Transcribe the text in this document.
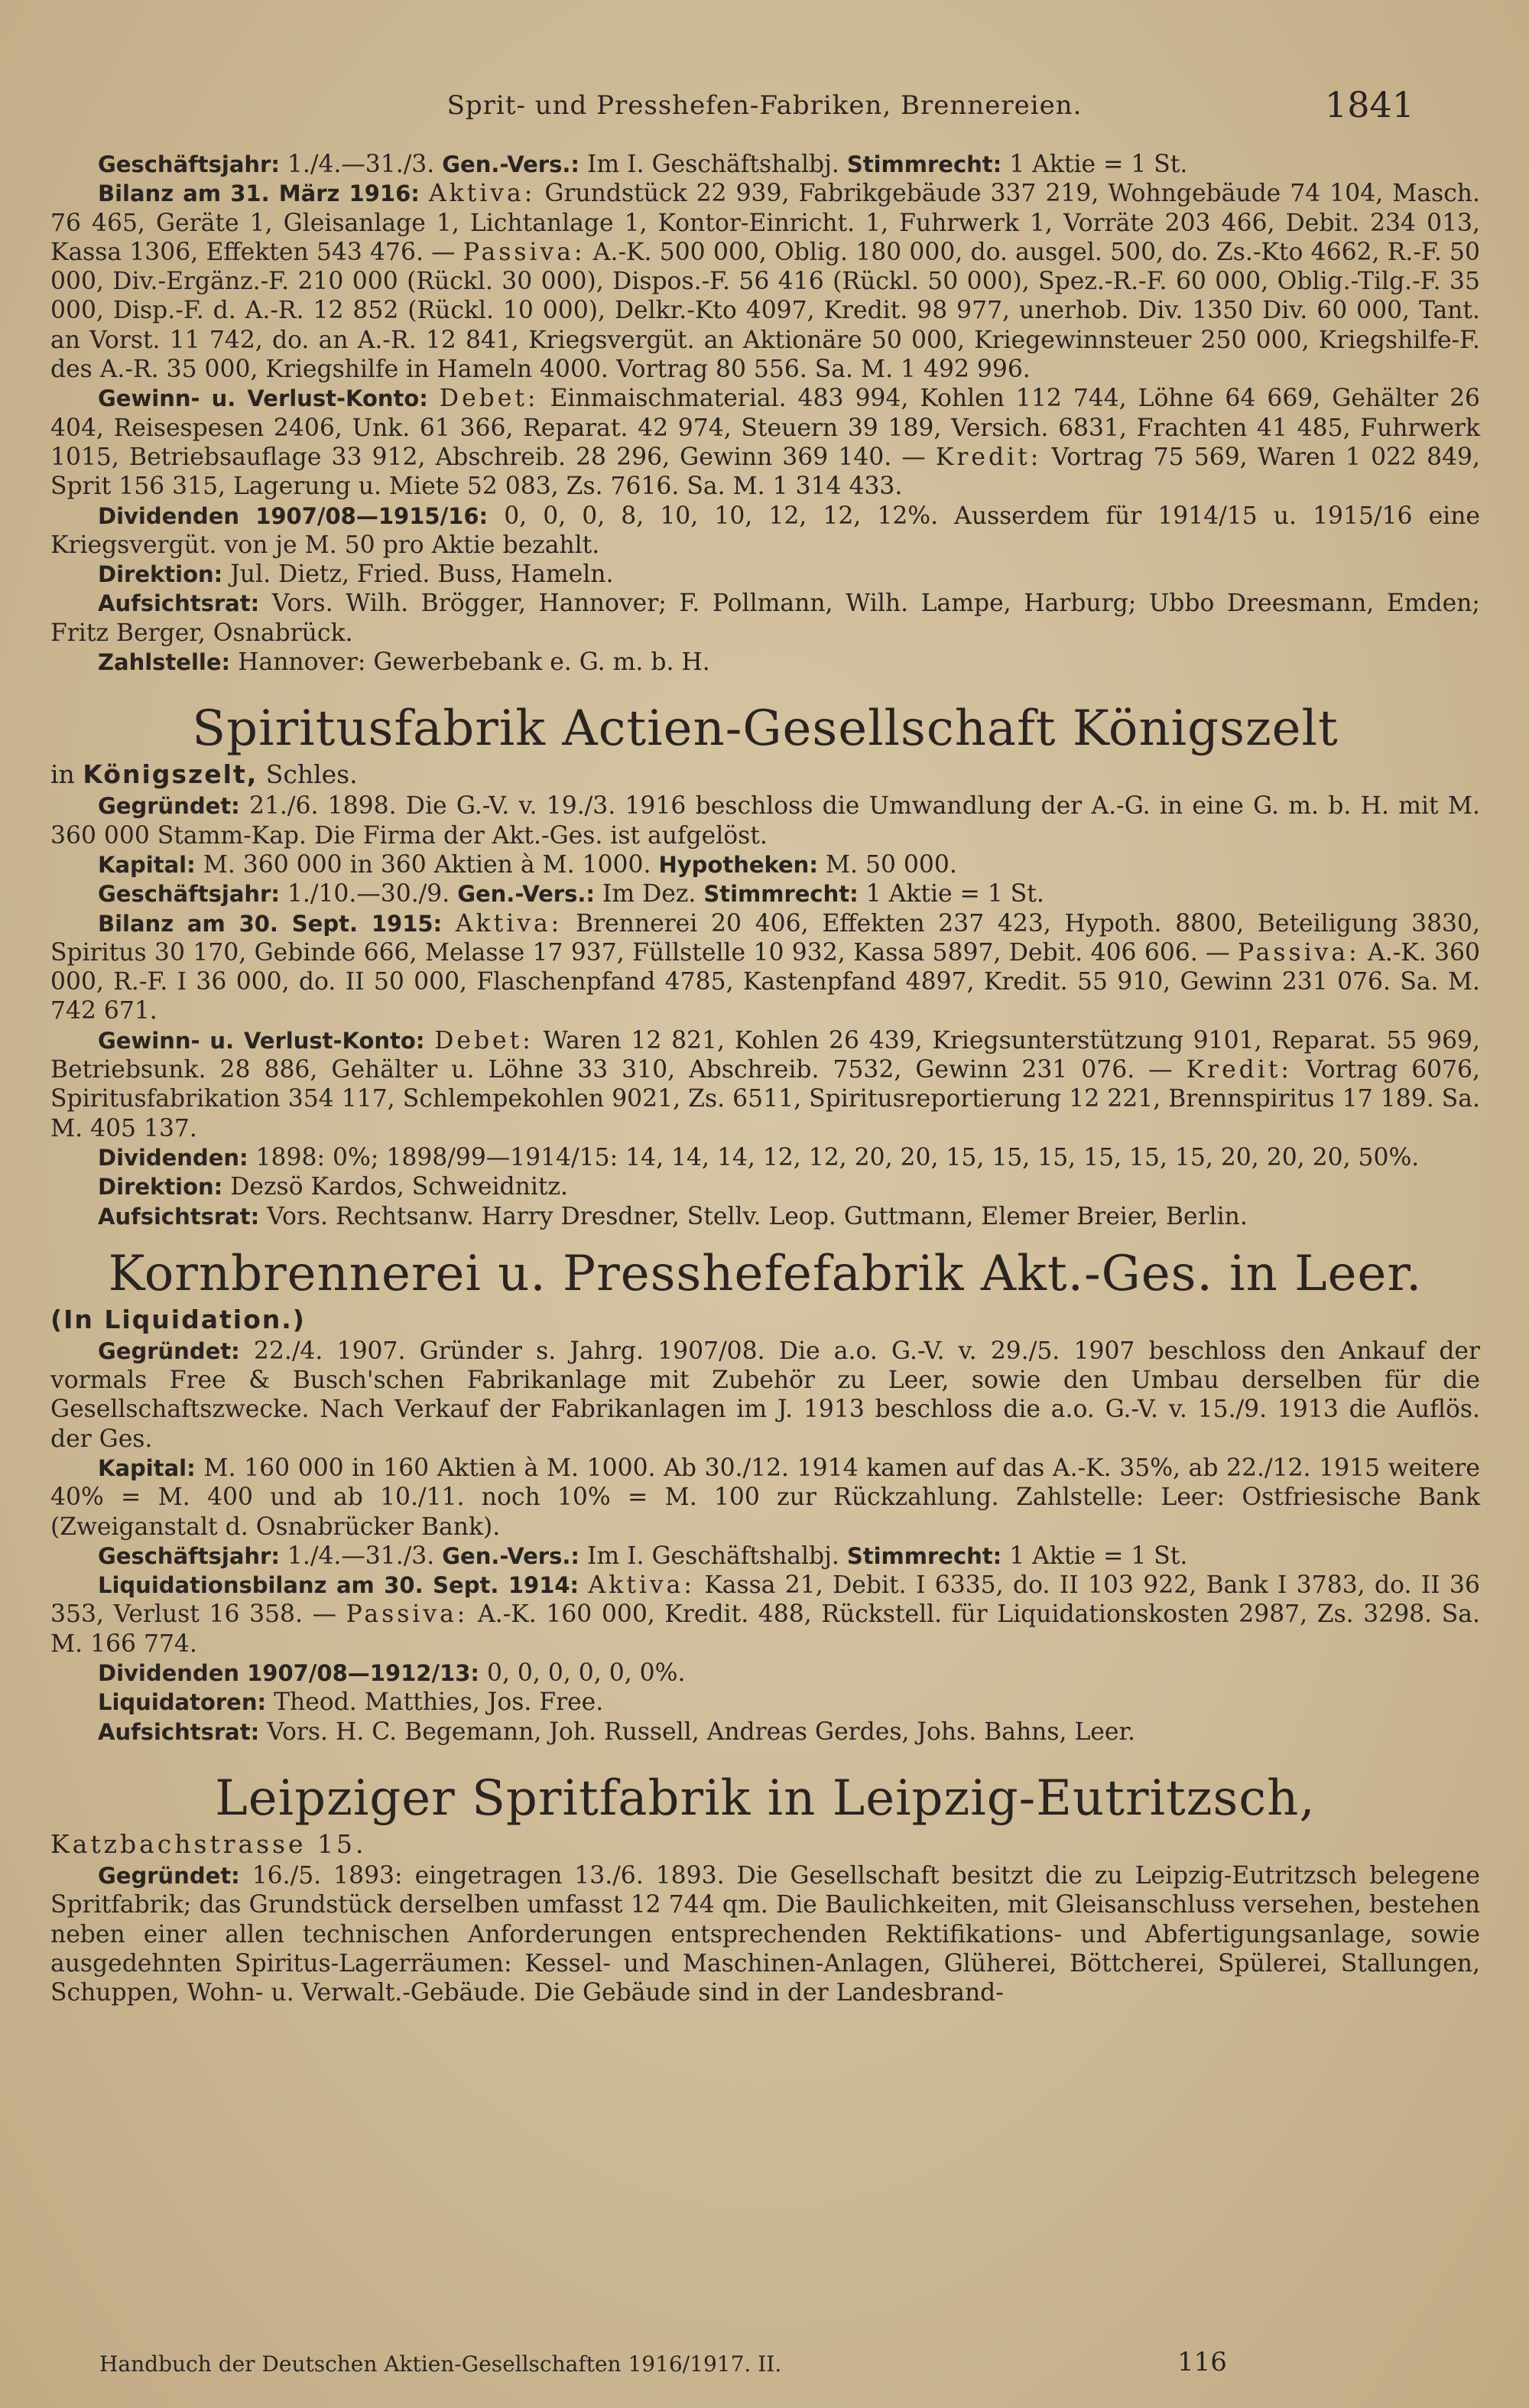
Sprit- und Presshefen-Fabriken, Brennereien.	1841

Geschäftsjahr: 1./4.—31./3. Gen.-Vers.: Im I. Geschäftshalbj. Stimmrecht: 1 Aktie = 1 St.

Bilanz am 31. März 1916: Aktiva: Grundstück 22 939, Fabrikgebäude 337 219, Wohngebäude 74 104, Masch. 76 465, Geräte 1, Gleisanlage 1, Lichtanlage 1, Kontor-Einricht. 1, Fuhrwerk 1, Vorräte 203 466, Debit. 234 013, Kassa 1306, Effekten 543 476. — Passiva: A.-K. 500 000, Oblig. 180 000, do. ausgel. 500, do. Zs.-Kto 4662, R.-F. 50 000, Div.-Ergänz.-F. 210 000 (Rückl. 30 000), Dispos.-F. 56 416 (Rückl. 50 000), Spez.-R.-F. 60 000, Oblig.-Tilg.-F. 35 000, Disp.-F. d. A.-R. 12 852 (Rückl. 10 000), Delkr.-Kto 4097, Kredit. 98 977, unerhob. Div. 1350 Div. 60 000, Tant. an Vorst. 11 742, do. an A.-R. 12 841, Kriegsvergüt. an Aktionäre 50 000, Kriegewinnsteuer 250 000, Kriegshilfe-F. des A.-R. 35 000, Kriegshilfe in Hameln 4000. Vortrag 80 556. Sa. M. 1 492 996.

Gewinn- u. Verlust-Konto: Debet: Einmaischmaterial. 483 994, Kohlen 112 744, Löhne 64 669, Gehälter 26 404, Reisespesen 2406, Unk. 61 366, Reparat. 42 974, Steuern 39 189, Versich. 6831, Frachten 41 485, Fuhrwerk 1015, Betriebsauflage 33 912, Abschreib. 28 296, Gewinn 369 140. — Kredit: Vortrag 75 569, Waren 1 022 849, Sprit 156 315, Lagerung u. Miete 52 083, Zs. 7616. Sa. M. 1 314 433.

Dividenden 1907/08—1915/16: 0, 0, 0, 8, 10, 10, 12, 12, 12%. Ausserdem für 1914/15 u. 1915/16 eine Kriegsvergüt. von je M. 50 pro Aktie bezahlt.

Direktion: Jul. Dietz, Fried. Buss, Hameln.

Aufsichtsrat: Vors. Wilh. Brögger, Hannover; F. Pollmann, Wilh. Lampe, Harburg; Ubbo Dreesmann, Emden; Fritz Berger, Osnabrück.

Zahlstelle: Hannover: Gewerbebank e. G. m. b. H.

Spiritusfabrik Actien-Gesellschaft Königszelt

in Königszelt, Schles.

Gegründet: 21./6. 1898. Die G.-V. v. 19./3. 1916 beschloss die Umwandlung der A.-G. in eine G. m. b. H. mit M. 360 000 Stamm-Kap. Die Firma der Akt.-Ges. ist aufgelöst.

Kapital: M. 360 000 in 360 Aktien à M. 1000. Hypotheken: M. 50 000.

Geschäftsjahr: 1./10.—30./9. Gen.-Vers.: Im Dez. Stimmrecht: 1 Aktie = 1 St.

Bilanz am 30. Sept. 1915: Aktiva: Brennerei 20 406, Effekten 237 423, Hypoth. 8800, Beteiligung 3830, Spiritus 30 170, Gebinde 666, Melasse 17 937, Füllstelle 10 932, Kassa 5897, Debit. 406 606. — Passiva: A.-K. 360 000, R.-F. I 36 000, do. II 50 000, Flaschenpfand 4785, Kastenpfand 4897, Kredit. 55 910, Gewinn 231 076. Sa. M. 742 671.

Gewinn- u. Verlust-Konto: Debet: Waren 12 821, Kohlen 26 439, Kriegsunterstützung 9101, Reparat. 55 969, Betriebsunk. 28 886, Gehälter u. Löhne 33 310, Abschreib. 7532, Gewinn 231 076. — Kredit: Vortrag 6076, Spiritusfabrikation 354 117, Schlempekohlen 9021, Zs. 6511, Spiritusreportierung 12 221, Brennspiritus 17 189. Sa. M. 405 137.

Dividenden: 1898: 0%; 1898/99—1914/15: 14, 14, 14, 12, 12, 20, 20, 15, 15, 15, 15, 15, 15, 20, 20, 20, 50%.

Direktion: Dezsö Kardos, Schweidnitz.

Aufsichtsrat: Vors. Rechtsanw. Harry Dresdner, Stellv. Leop. Guttmann, Elemer Breier, Berlin.

Kornbrennerei u. Presshefefabrik Akt.-Ges. in Leer.

(In Liquidation.)

Gegründet: 22./4. 1907. Gründer s. Jahrg. 1907/08. Die a.o. G.-V. v. 29./5. 1907 beschloss den Ankauf der vormals Free & Busch'schen Fabrikanlage mit Zubehör zu Leer, sowie den Umbau derselben für die Gesellschaftszwecke. Nach Verkauf der Fabrikanlagen im J. 1913 beschloss die a.o. G.-V. v. 15./9. 1913 die Auflös. der Ges.

Kapital: M. 160 000 in 160 Aktien à M. 1000. Ab 30./12. 1914 kamen auf das A.-K. 35%, ab 22./12. 1915 weitere 40% = M. 400 und ab 10./11. noch 10% = M. 100 zur Rückzahlung. Zahlstelle: Leer: Ostfriesische Bank (Zweiganstalt d. Osnabrücker Bank).

Geschäftsjahr: 1./4.—31./3. Gen.-Vers.: Im I. Geschäftshalbj. Stimmrecht: 1 Aktie = 1 St.

Liquidationsbilanz am 30. Sept. 1914: Aktiva: Kassa 21, Debit. I 6335, do. II 103 922, Bank I 3783, do. II 36 353, Verlust 16 358. — Passiva: A.-K. 160 000, Kredit. 488, Rückstell. für Liquidationskosten 2987, Zs. 3298. Sa. M. 166 774.

Dividenden 1907/08—1912/13: 0, 0, 0, 0, 0, 0%.

Liquidatoren: Theod. Matthies, Jos. Free.

Aufsichtsrat: Vors. H. C. Begemann, Joh. Russell, Andreas Gerdes, Johs. Bahns, Leer.

Leipziger Spritfabrik in Leipzig-Eutritzsch,

Katzbachstrasse 15.

Gegründet: 16./5. 1893: eingetragen 13./6. 1893. Die Gesellschaft besitzt die zu Leipzig-Eutritzsch belegene Spritfabrik; das Grundstück derselben umfasst 12 744 qm. Die Baulichkeiten, mit Gleisanschluss versehen, bestehen neben einer allen technischen Anforderungen entsprechenden Rektifikations- und Abfertigungsanlage, sowie ausgedehnten Spiritus-Lagerräumen: Kessel- und Maschinen-Anlagen, Glüherei, Böttcherei, Spülerei, Stallungen, Schuppen, Wohn- u. Verwalt.-Gebäude. Die Gebäude sind in der Landesbrand-

Handbuch der Deutschen Aktien-Gesellschaften 1916/1917. II.	116
